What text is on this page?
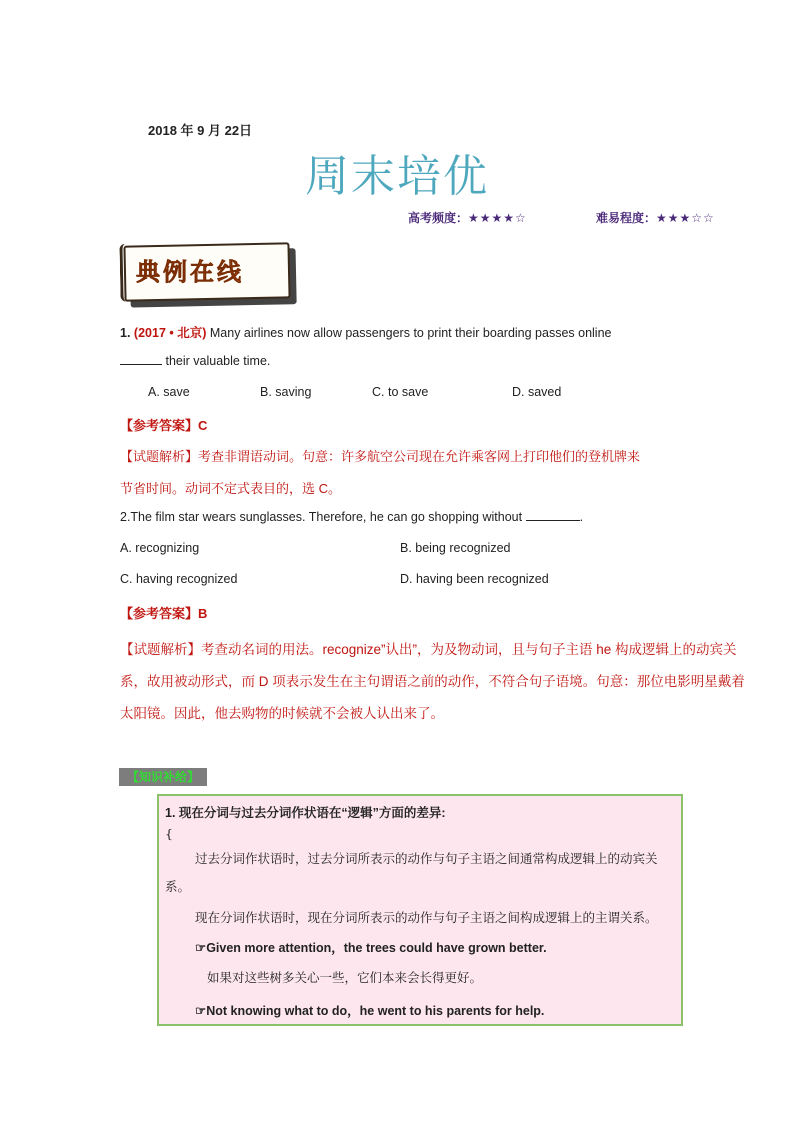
2018 年 9 月 22日
周末培优
高考频度：★★★★☆	难易程度：★★★☆☆
典例在线
1. (2017 • 北京) Many airlines now allow passengers to print their boarding passes online
their valuable time.
A. save	B. saving	C. to save	D. saved
【参考答案】C
【试题解析】考查非谓语动词。句意：许多航空公司现在允许乘客网上打印他们的登机牌来
节省时间。动词不定式表目的，选 C。
2.The film star wears sunglasses. Therefore, he can go shopping without	.
A. recognizing	B. being recognized
C. having recognized	D. having been recognized
【参考答案】B
【试题解析】考查动名词的用法。recognize”认出”，为及物动词，且与句子主语 he 构成逻辑上的动宾关
系，故用被动形式，而 D 项表示发生在主句谓语之前的动作，不符合句子语境。句意：那位电影明星戴着
太阳镜。因此，他去购物的时候就不会被人认出来了。
【知识补给】
1. 现在分词与过去分词作状语在“逻辑”方面的差异:
{
过去分词作状语时，过去分词所表示的动作与句子主语之间通常构成逻辑上的动宾关
系。
现在分词作状语时，现在分词所表示的动作与句子主语之间构成逻辑上的主谓关系。
☞Given more attention，the trees could have grown better.
如果对这些树多关心一些，它们本来会长得更好。
☞Not knowing what to do，he went to his parents for help.
